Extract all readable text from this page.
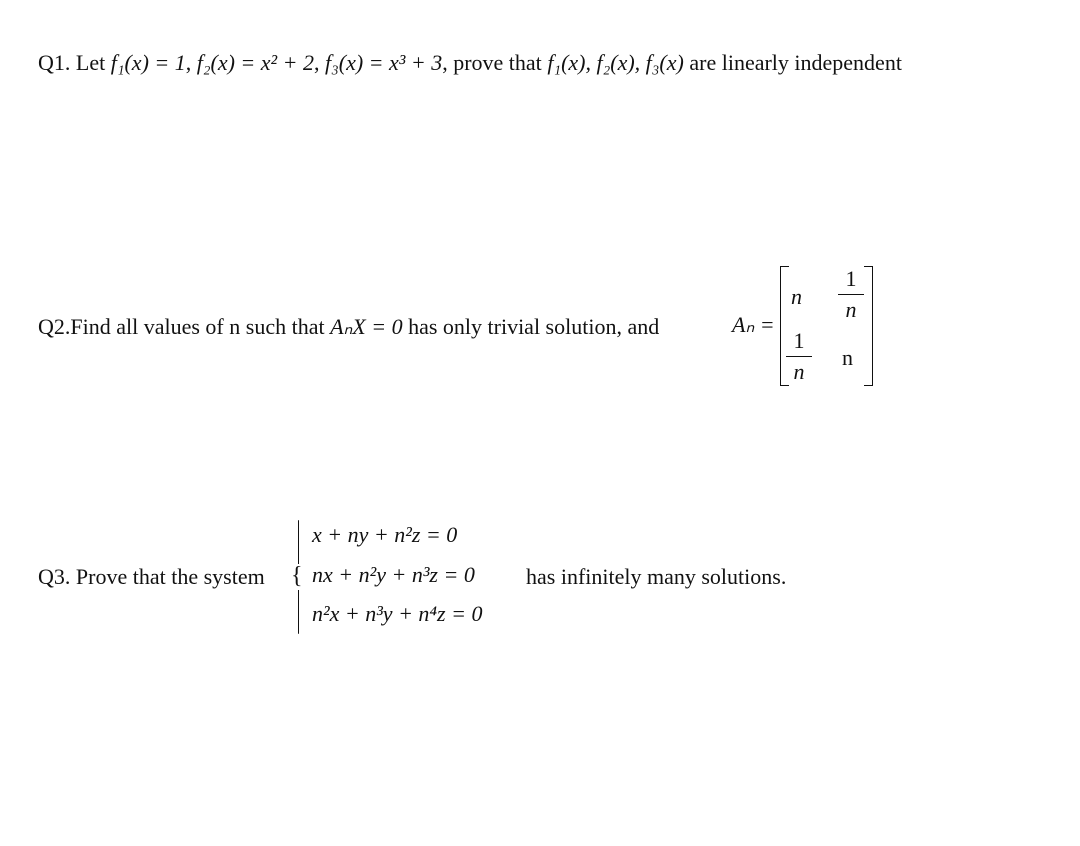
Q1. Let f₁(x) = 1, f₂(x) = x² + 2, f₃(x) = x³ + 3, prove that f₁(x), f₂(x), f₃(x) are linearly independent
Q2.Find all values of n such that AₙX = 0 has only trivial solution, and	Aₙ =
n
1
n
1
n
n
Q3. Prove that the system {
x + ny + n²z = 0
nx + n²y + n³z = 0
n²x + n³y + n⁴z = 0
has infinitely many solutions.
